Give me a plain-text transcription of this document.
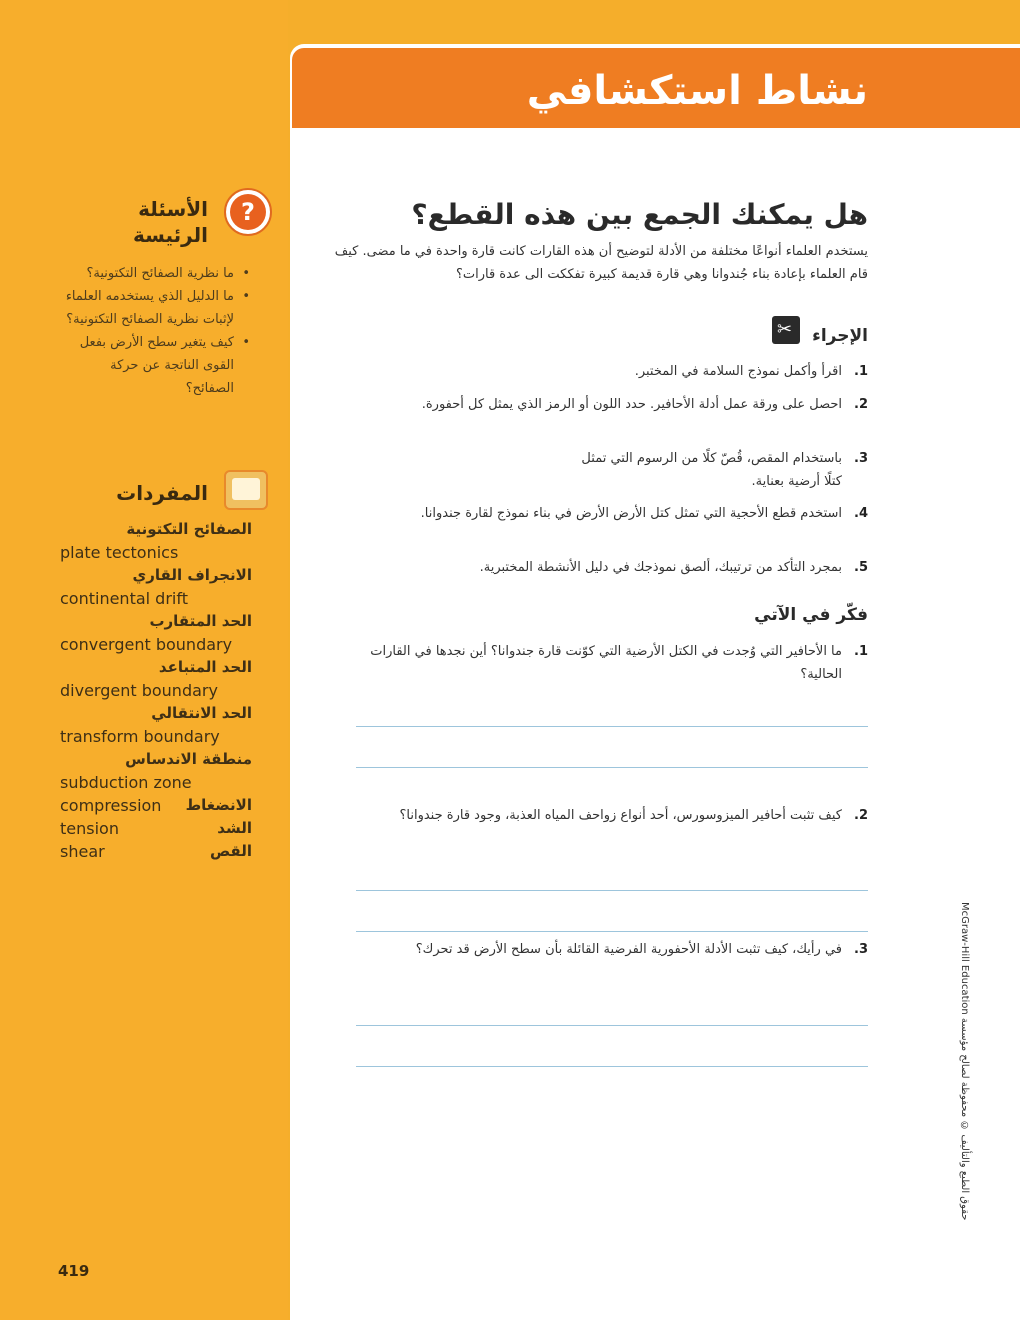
نشاط استكشافي
?
الأسئلة الرئيسة
• ما نظرية الصفائح التكتونية؟
• ما الدليل الذي يستخدمه العلماء لإثبات نظرية الصفائح التكتونية؟
• كيف يتغير سطح الأرض بفعل القوى الناتجة عن حركة الصفائح؟
المفردات
الصفائح التكتونية
plate tectonics
الانجراف القاري
continental drift
الحد المتقارب
convergent boundary
الحد المتباعد
divergent boundary
الحد الانتقالي
transform boundary
منطقة الاندساس
subduction zone
compression الانضغاط
tension	الشد
shear	القص
419
هل يمكنك الجمع بين هذه القطع؟
يستخدم العلماء أنواعًا مختلفة من الأدلة لتوضيح أن هذه القارات كانت قارة واحدة في ما مضى. كيف قام العلماء بإعادة بناء جُندوانا وهي قارة قديمة كبيرة تفككت الى عدة قارات؟
الإجراء
✂
1.
اقرأ وأكمل نموذج السلامة في المختبر.
2.
احصل على ورقة عمل أدلة الأحافير. حدد اللون أو الرمز الذي يمثل كل أحفورة.
3.
باستخدام المقص، قُصّ كلًا من الرسوم التي تمثل كتلًا أرضية بعناية.
4.
استخدم قطع الأحجية التي تمثل كتل الأرض الأرض في بناء نموذج لقارة جندوانا.
5.
بمجرد التأكد من ترتيبك، ألصق نموذجك في دليل الأنشطة المختبرية.
فكّر في الآتي
1.
ما الأحافير التي وُجدت في الكتل الأرضية التي كوّنت قارة جندوانا؟ أين نجدها في القارات الحالية؟
2.
كيف تثبت أحافير الميزوسورس، أحد أنواع زواحف المياه العذبة، وجود قارة جندوانا؟
3.
في رأيك، كيف تثبت الأدلة الأحفورية الفرضية القائلة بأن سطح الأرض قد تحرك؟	حقوق الطبع والتأليف © محفوظة لصالح مؤسسة McGraw-Hill Education
